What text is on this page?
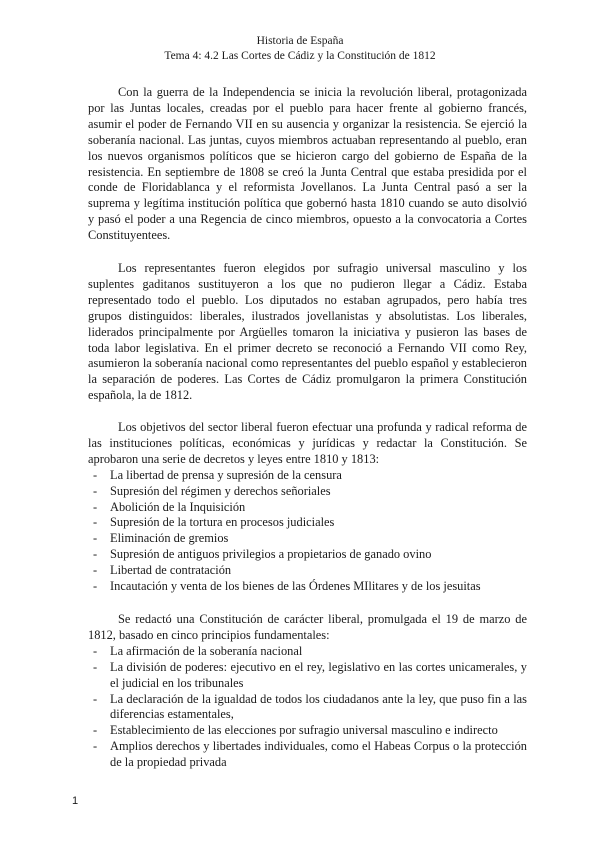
Historia de España
Tema 4: 4.2 Las Cortes de Cádiz y la Constitución de 1812

Con la guerra de la Independencia se inicia la revolución liberal, protagonizada por las Juntas locales, creadas por el pueblo para hacer frente al gobierno francés, asumir el poder de Fernando VII en su ausencia y organizar la resistencia. Se ejerció la soberanía nacional. Las juntas, cuyos miembros actuaban representando al pueblo, eran los nuevos organismos políticos que se hicieron cargo del gobierno de España de la resistencia. En septiembre de 1808 se creó la Junta Central que estaba presidida por el conde de Floridablanca y el reformista Jovellanos. La Junta Central pasó a ser la suprema y legítima institución política que gobernó hasta 1810 cuando se auto disolvió y pasó el poder a una Regencia de cinco miembros, opuesto a la convocatoria a Cortes Constituyentees.

Los representantes fueron elegidos por sufragio universal masculino y los suplentes gaditanos sustituyeron a los que no pudieron llegar a Cádiz. Estaba representado todo el pueblo. Los diputados no estaban agrupados, pero había tres grupos distinguidos: liberales, ilustrados jovellanistas y absolutistas. Los liberales, liderados principalmente por Argüelles tomaron la iniciativa y pusieron las bases de toda labor legislativa. En el primer decreto se reconoció a Fernando VII como Rey, asumieron la soberanía nacional como representantes del pueblo español y establecieron la separación de poderes. Las Cortes de Cádiz promulgaron la primera Constitución española, la de 1812.

Los objetivos del sector liberal fueron efectuar una profunda y radical reforma de las instituciones políticas, económicas y jurídicas y redactar la Constitución. Se aprobaron una serie de decretos y leyes entre 1810 y 1813:

- La libertad de prensa y supresión de la censura
- Supresión del régimen y derechos señoriales
- Abolición de la Inquisición
- Supresión de la tortura en procesos judiciales
- Eliminación de gremios
- Supresión de antiguos privilegios a propietarios de ganado ovino
- Libertad de contratación
- Incautación y venta de los bienes de las Órdenes MIlitares y de los jesuitas

Se redactó una Constitución de carácter liberal, promulgada el 19 de marzo de 1812, basado en cinco principios fundamentales:

- La afirmación de la soberanía nacional
- La división de poderes: ejecutivo en el rey, legislativo en las cortes unicamerales, y el judicial en los tribunales
- La declaración de la igualdad de todos los ciudadanos ante la ley, que puso fin a las diferencias estamentales,
- Establecimiento de las elecciones por sufragio universal masculino e indirecto
- Amplios derechos y libertades individuales, como el Habeas Corpus o la protección de la propiedad privada
1
